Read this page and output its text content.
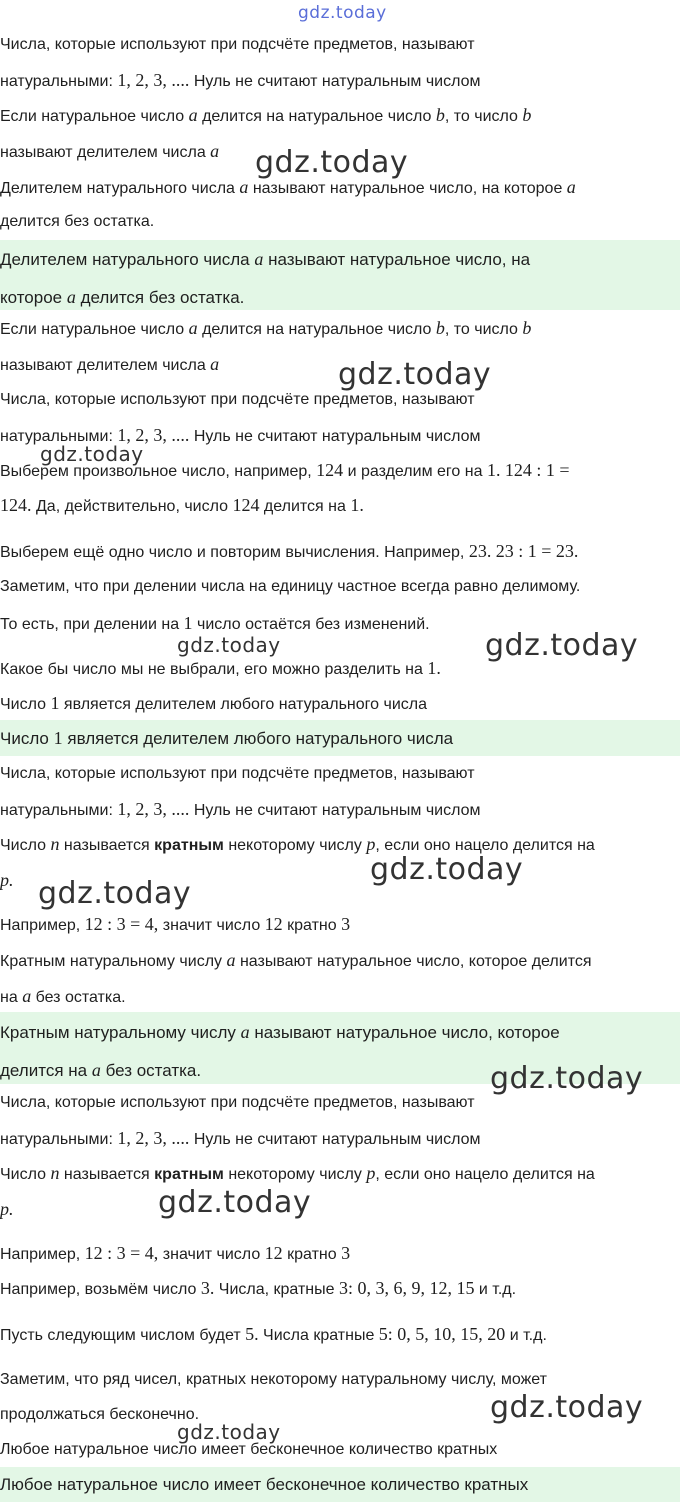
gdz.today
Числа, которые используют при подсчёте предметов, называют
натуральными: 1, 2, 3, .... Нуль не считают натуральным числом
Если натуральное число a делится на натуральное число b, то число b
называют делителем числа a gdz.today
Делителем натурального числа a называют натуральное число, на которое a
делится без остатка.
Делителем натурального числа a называют натуральное число, на
которое a делится без остатка.
Если натуральное число a делится на натуральное число b, то число b
называют делителем числа a	gdz.today
Числа, которые используют при подсчёте предметов, называют
натуральными: 1, 2, 3, .... Нуль не считают натуральным числом
gdz.today
Выберем произвольное число, например, 124 и разделим его на 1. 124 : 1 =
124. Да, действительно, число 124 делится на 1.
Выберем ещё одно число и повторим вычисления. Например, 23. 23 : 1 = 23.
Заметим, что при делении числа на единицу частное всегда равно делимому.
То есть, при делении на 1 число остаётся без изменений.
gdz.today	gdz.today
Какое бы число мы не выбрали, его можно разделить на 1.
Число 1 является делителем любого натурального числа
Число 1 является делителем любого натурального числа
Числа, которые используют при подсчёте предметов, называют
натуральными: 1, 2, 3, .... Нуль не считают натуральным числом
Число n называется кратным некоторому числу p, если оно нацело делится на
p.	gdz.today
gdz.today
Например, 12 : 3 = 4, значит число 12 кратно 3
Кратным натуральному числу a называют натуральное число, которое делится
на a без остатка.
Кратным натуральному числу a называют натуральное число, которое
делится на a без остатка.	gdz.today
Числа, которые используют при подсчёте предметов, называют
натуральными: 1, 2, 3, .... Нуль не считают натуральным числом
Число n называется кратным некоторому числу p, если оно нацело делится на
p.	gdz.today
Например, 12 : 3 = 4, значит число 12 кратно 3
Например, возьмём число 3. Числа, кратные 3: 0, 3, 6, 9, 12, 15 и т.д.
Пусть следующим числом будет 5. Числа кратные 5: 0, 5, 10, 15, 20 и т.д.
Заметим, что ряд чисел, кратных некоторому натуральному числу, может
продолжаться бесконечно.	gdz.today
gdz.today
Любое натуральное число имеет бесконечное количество кратных
Любое натуральное число имеет бесконечное количество кратных
